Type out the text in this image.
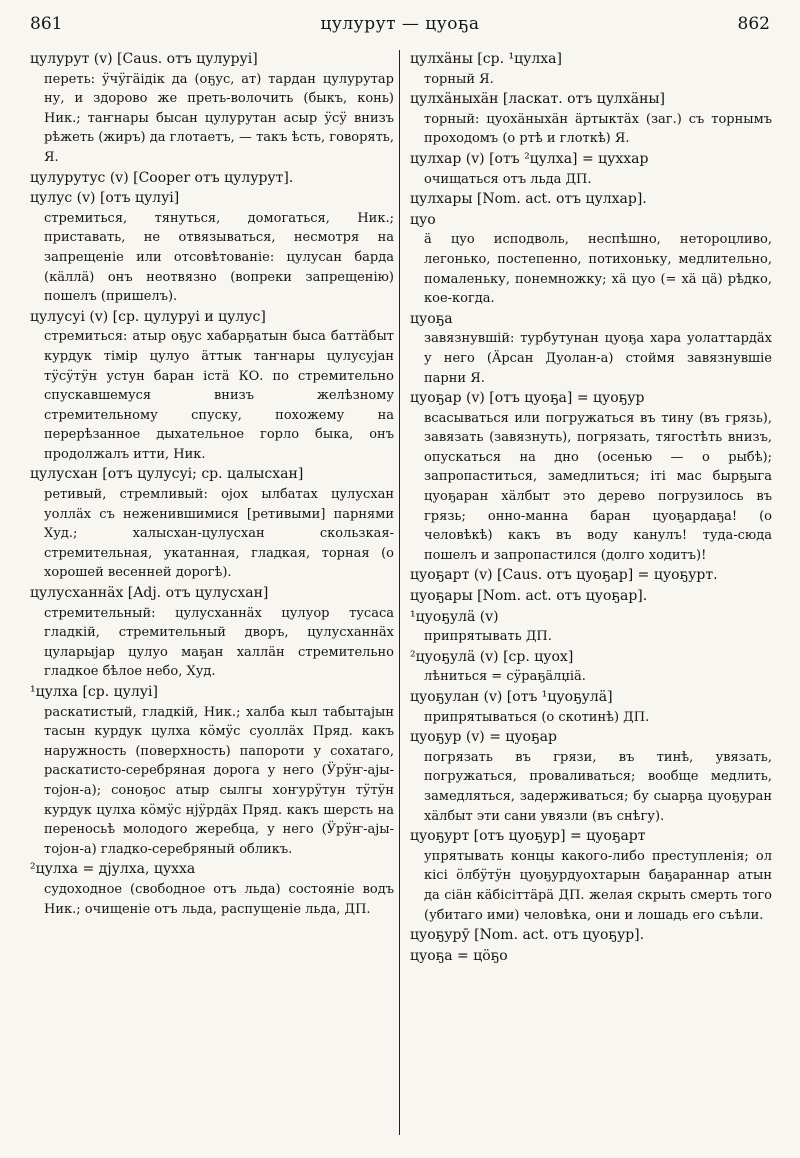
861	цулурут — цуоҕа	862
цулурут (v) [Caus. отъ цулуруі]
переть: ӱчӱгäідік да (оҕус, ат) тардан цулурутар ну, и здорово же преть-волочить (быкъ, конь) Ник.; таҥнары бысан цулурутан асыр ӱсӱ внизъ рѣжеть (жиръ) да глотаетъ, — такъ ѣсть, говорять, Я.
цулурутус (v) [Cooper отъ цулурут].
цулус (v) [отъ цулуі]
стремиться, тянуться, домогаться, Ник.; приставать, не отвязываться, несмотря на запрещеніе или отсовѣтованіе: цулусан барда (кäллä) онъ неотвязно (вопреки запрещенію) пошелъ (пришелъ).
цулусуі (v) [ср. цулуруі и цулус]
стремиться: атыр оҕус хабарҕатын быса баттäбыт курдук тімір цулуо äттык таҥнары цулусуjан тӱсӱтӱн устун баран істä КО. по стремительно спускавшемуся внизъ желѣзному стремительному спуску, похожему на перерѣзанное дыхательное горло быка, онъ продолжалъ итти, Ник.
цулусхан [отъ цулусуі; ср. цалысхан]
ретивый, стремливый: ојох ылбатах цулусхан уоллäх съ неженившимися [ретивыми] парнями Худ.; халысхан-цулусхан скользкая-стремительная, укатанная, гладкая, торная (о хорошей весенней дорогѣ).
цулусханнäх [Adj. отъ цулусхан]
стремительный: цулусханнäх цулуор тусаса гладкій, стремительный дворъ, цулусханнäх цуларыjар цулуо маҕан халлäн стремительно гладкое бѣлое небо, Худ.
¹цулха [ср. цулуі]
раскатистый, гладкій, Ник.; халба кыл табытаjын тасын курдук цулха кӧмӱс суоллäх Пряд. какъ наружность (поверхность) папороти у сохатаго, раскатисто-серебряная дорога у него (Ӱрӱҥ-аjы-тоjон-а); соноҕос атыр сылгы хоҥурӱтун тӱтӱн курдук цулха кӧмӱс нјӱрдäх Пряд. какъ шерсть на переносьѣ молодого жеребца, у него (Ӱрӱҥ-аjы-тоjон-а) гладко-серебряный обликъ.
²цулха = дjулха, цухха
судоходное (свободное отъ льда) состояніе водъ Ник.; очищеніе отъ льда, распущеніе льда, ДП.
цулхäны [ср. ¹цулха]
торный Я.
цулхäныхäн [ласкат. отъ цулхäны]
торный: цуохäныхäн äртыктäх (заг.) съ торнымъ проходомъ (о ртѣ и глоткѣ) Я.
цулхар (v) [отъ ²цулха] = цуххар
очищаться отъ льда ДП.
цулхары [Nom. act. отъ цулхар].
цуо
ä цуо исподволь, неспѣшно, нетороцливо, легонько, постепенно, потихоньку, медлительно, помаленьку, понемножку; хä цуо (= хä цä) рѣдко, кое-когда.
цуоҕа
завязнувшій: турбутунан цуоҕа хара уолаттардäх у него (Äрсан Дуолан-а) стоймя завязнувшіе парни Я.
цуоҕар (v) [отъ цуоҕа] = цуоҕур
всасываться или погружаться въ тину (въ грязь), завязать (завязнуть), погрязать, тягостѣть внизъ, опускаться на дно (осенью — о рыбѣ); запропаститься, замедлиться; іті мас бырҕыга цуоҕаран хäлбыт это дерево погрузилось въ грязь; онно-манна баран цуоҕардаҕа! (о человѣкѣ) какъ въ воду канулъ! туда-сюда пошелъ и запропастился (долго ходитъ)!
цуоҕарт (v) [Caus. отъ цуоҕар] = цуоҕурт.
цуоҕары [Nom. act. отъ цуоҕар].
¹цуоҕулä (v)
припрятывать ДП.
²цуоҕулä (v) [ср. цуох]
лѣниться = сӱраҕäлџіä.
цуоҕулан (v) [отъ ¹цуоҕулä]
припрятываться (о скотинѣ) ДП.
цуоҕур (v) = цуоҕар
погрязать въ грязи, въ тинѣ, увязать, погружаться, проваливаться; вообще медлить, замедляться, задерживаться; бу сыарҕа цуоҕуран хäлбыт эти сани увязли (въ снѣгу).
цуоҕурт [отъ цуоҕур] = цуоҕарт
упрятывать концы какого-либо преступленія; ол кісі ӧлбӱтӱн цуоҕурдуохтарын баҕараннар атын да сіäн кäбісіттäрä ДП. желая скрыть смерть того (убитаго ими) человѣка, они и лошадь его съѣли.
цуоҕурӯ [Nom. act. отъ цуоҕур].
цуоҕа = цӧҕо
